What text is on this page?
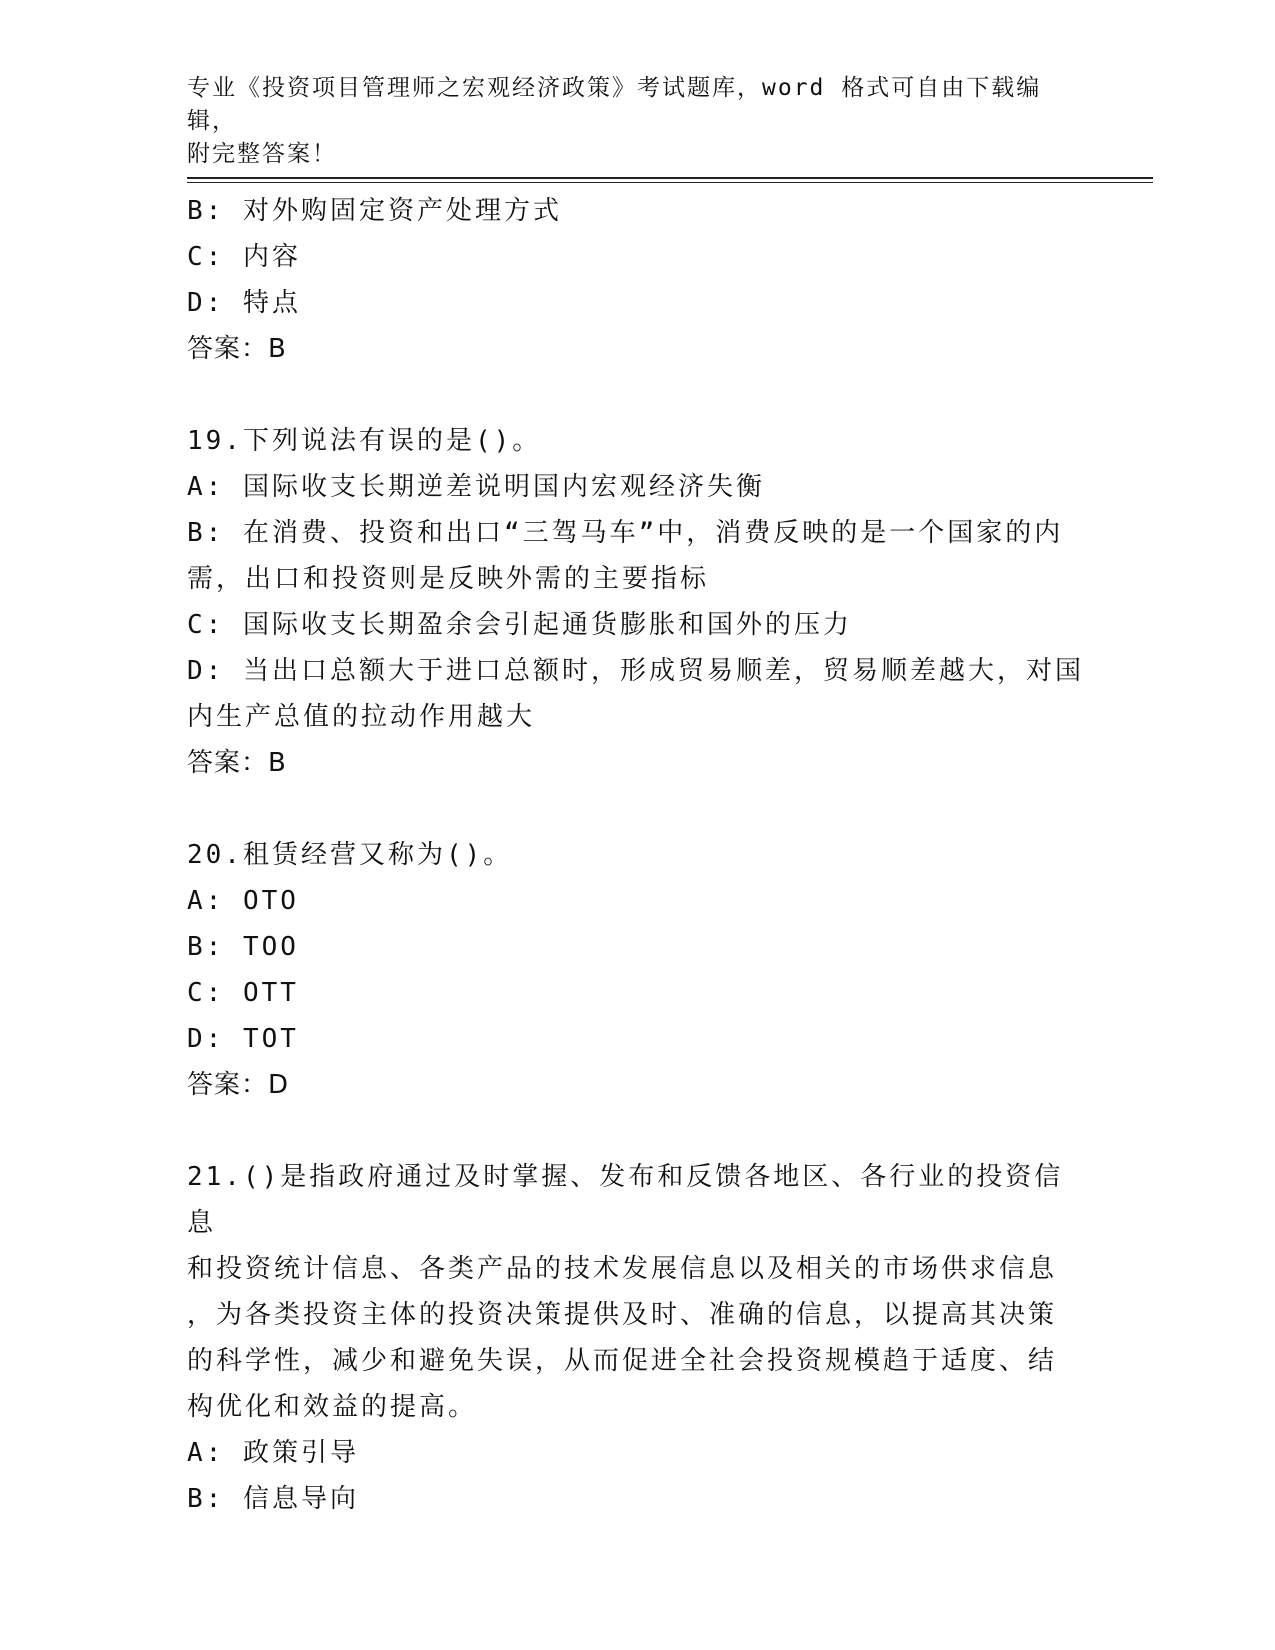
专业《投资项目管理师之宏观经济政策》考试题库，word 格式可自由下载编辑，
附完整答案！
B: 对外购固定资产处理方式
C: 内容
D: 特点
答案：B
19.下列说法有误的是()。
A: 国际收支长期逆差说明国内宏观经济失衡
B: 在消费、投资和出口“三驾马车”中，消费反映的是一个国家的内
需，出口和投资则是反映外需的主要指标
C: 国际收支长期盈余会引起通货膨胀和国外的压力
D: 当出口总额大于进口总额时，形成贸易顺差，贸易顺差越大，对国
内生产总值的拉动作用越大
答案：B
20.租赁经营又称为()。
A: OTO
B: TOO
C: OTT
D: TOT
答案：D
21.()是指政府通过及时掌握、发布和反馈各地区、各行业的投资信息
和投资统计信息、各类产品的技术发展信息以及相关的市场供求信息
，为各类投资主体的投资决策提供及时、准确的信息，以提高其决策
的科学性，减少和避免失误，从而促进全社会投资规模趋于适度、结
构优化和效益的提高。
A: 政策引导
B: 信息导向
